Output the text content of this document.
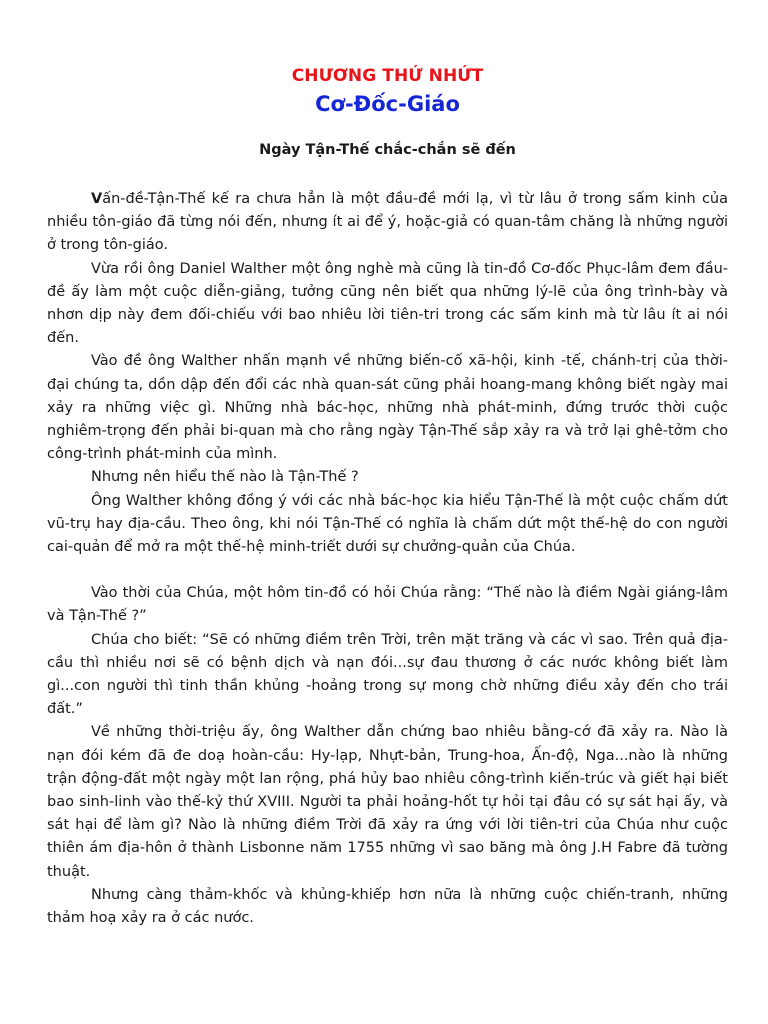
CHƯƠNG THỨ NHỨT
Cơ-Đốc-Giáo
Ngày Tận-Thế chắc-chắn sẽ đến

Vấn-đề-Tận-Thế kế ra chưa hẳn là một đầu-đề mới lạ, vì từ lâu ở trong sấm kinh của nhiều tôn-giáo đã từng nói đến, nhưng ít ai để ý, hoặc-giả có quan-tâm chăng là những người ở trong tôn-giáo.

Vừa rồi ông Daniel Walther một ông nghè mà cũng là tin-đồ Cơ-đốc Phục-lâm đem đầu-đề ấy làm một cuộc diễn-giảng, tưởng cũng nên biết qua những lý-lẽ của ông trình-bày và nhơn dịp này đem đối-chiếu với bao nhiêu lời tiên-tri trong các sấm kinh mà từ lâu ít ai nói đến.

Vào đề ông Walther nhấn mạnh về những biến-cố xã-hội, kinh -tế, chánh-trị của thời-đại chúng ta, dồn dập đến đổi các nhà quan-sát cũng phải hoang-mang không biết ngày mai xảy ra những việc gì. Những nhà bác-học, những nhà phát-minh, đứng trước thời cuộc nghiêm-trọng đến phải bi-quan mà cho rằng ngày Tận-Thế sắp xảy ra và trở lại ghê-tởm cho công-trình phát-minh của mình.

Nhưng nên hiểu thế nào là Tận-Thế ?

Ông Walther không đồng ý với các nhà bác-học kia hiểu Tận-Thế là một cuộc chấm dứt vũ-trụ hay địa-cầu. Theo ông, khi nói Tận-Thế có nghĩa là chấm dứt một thế-hệ do con người cai-quản để mở ra một thế-hệ minh-triết dưới sự chưởng-quản của Chúa.

Vào thời của Chúa, một hôm tin-đồ có hỏi Chúa rằng: “Thế nào là điềm Ngài giáng-lâm và Tận-Thế ?”

Chúa cho biết: “Sẽ có những điềm trên Trời, trên mặt trăng và các vì sao. Trên quả địa-cầu thì nhiều nơi sẽ có bệnh dịch và nạn đói...sự đau thương ở các nước không biết làm gì...con người thì tinh thần khủng -hoảng trong sự mong chờ những điều xảy đến cho trái đất.”

Về những thời-triệu ấy, ông Walther dẫn chứng bao nhiêu bằng-cớ đã xảy ra. Nào là nạn đói kém đã đe doạ hoàn-cầu: Hy-lạp, Nhựt-bản, Trung-hoa, Ấn-độ, Nga...nào là những trận động-đất một ngày một lan rộng, phá hủy bao nhiêu công-trình kiến-trúc và giết hại biết bao sinh-linh vào thế-kỷ thứ XVIII. Người ta phải hoảng-hốt tự hỏi tại đâu có sự sát hại ấy, và sát hại để làm gì? Nào là những điềm Trời đã xảy ra ứng với lời tiên-tri của Chúa như cuộc thiên ám địa-hôn ở thành Lisbonne năm 1755 những vì sao băng mà ông J.H Fabre đã tường thuật.

Nhưng càng thảm-khốc và khủng-khiếp hơn nữa là những cuộc chiến-tranh, những thảm hoạ xảy ra ở các nước.
